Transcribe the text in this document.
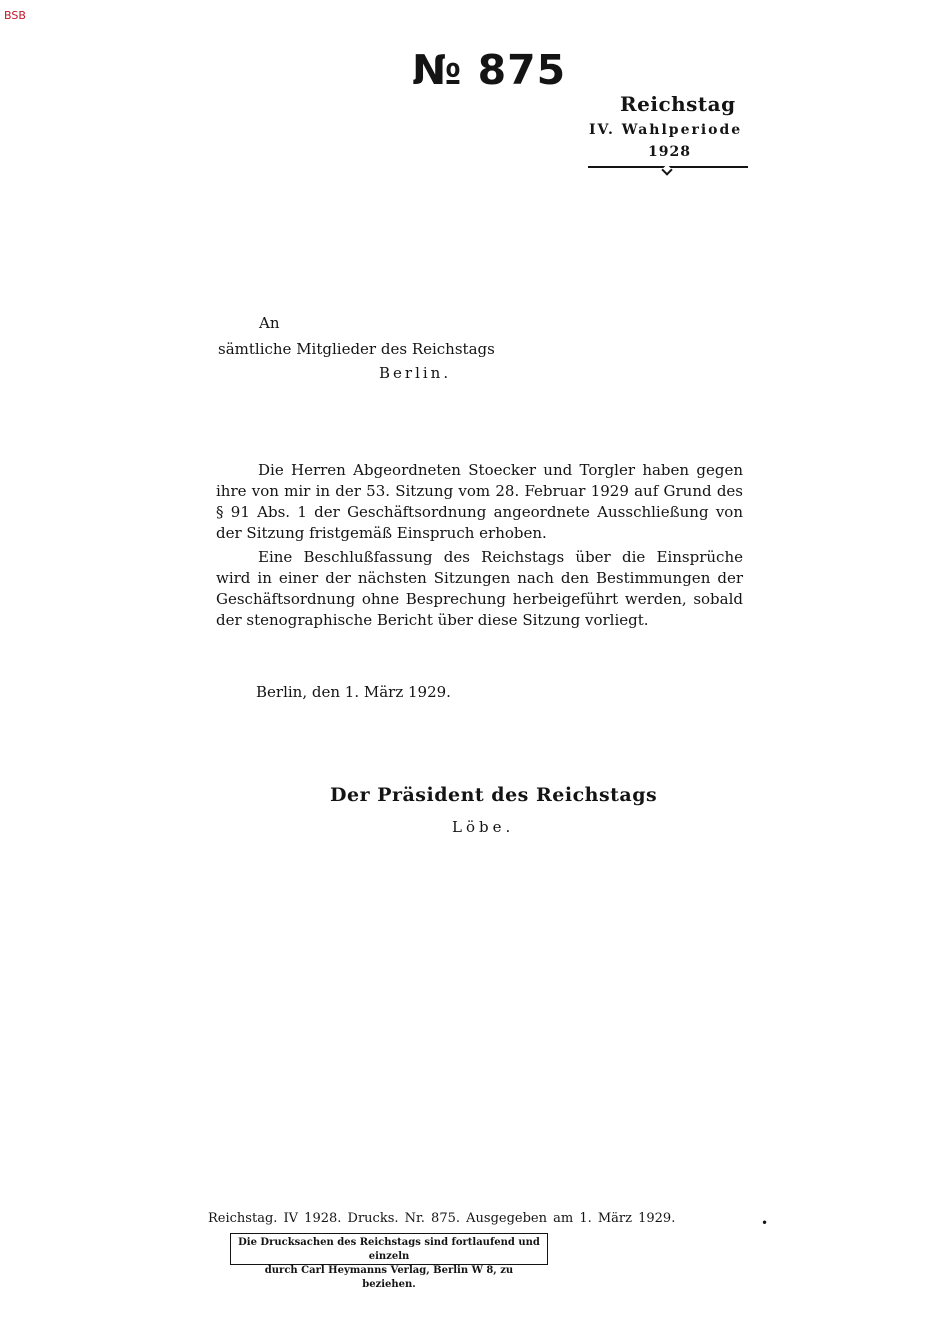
BSB
№ 875
Reichstag
IV. Wahlperiode
1928
An
sämtliche Mitglieder des Reichstags
Berlin.

Die Herren Abgeordneten Stoecker und Torgler haben gegen ihre von mir in der 53. Sitzung vom 28. Februar 1929 auf Grund des § 91 Abs. 1 der Geschäftsordnung angeordnete Ausschließung von der Sitzung fristgemäß Einspruch erhoben.

Eine Beschlußfassung des Reichstags über die Einsprüche wird in einer der nächsten Sitzungen nach den Bestimmungen der Geschäftsordnung ohne Besprechung herbeigeführt werden, sobald der stenographische Bericht über diese Sitzung vorliegt.

Berlin, den 1. März 1929.
Der Präsident des Reichstags
Löbe.
Reichstag. IV 1928. Drucks. Nr. 875. Ausgegeben am 1. März 1929.	•
Die Drucksachen des Reichstags sind fortlaufend und einzeln
durch Carl Heymanns Verlag, Berlin W 8, zu beziehen.
